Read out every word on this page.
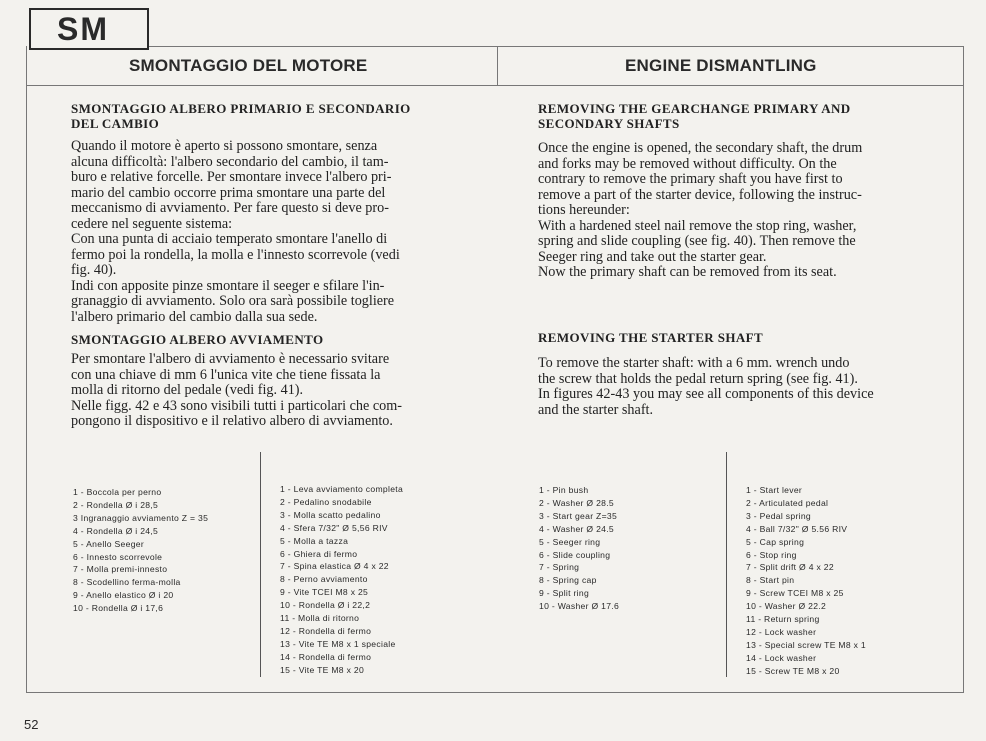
SM
SMONTAGGIO DEL MOTORE	ENGINE DISMANTLING
SMONTAGGIO ALBERO PRIMARIO E SECONDARIO
DEL CAMBIO
Quando il motore è aperto si possono smontare, senza
alcuna difficoltà: l'albero secondario del cambio, il tam-
buro e relative forcelle. Per smontare invece l'albero pri-
mario del cambio occorre prima smontare una parte del
meccanismo di avviamento. Per fare questo si deve pro-
cedere nel seguente sistema:
Con una punta di acciaio temperato smontare l'anello di
fermo poi la rondella, la molla e l'innesto scorrevole (vedi
fig. 40).
Indi con apposite pinze smontare il seeger e sfilare l'in-
granaggio di avviamento. Solo ora sarà possibile togliere
l'albero primario del cambio dalla sua sede.
SMONTAGGIO ALBERO AVVIAMENTO
Per smontare l'albero di avviamento è necessario svitare
con una chiave di mm 6 l'unica vite che tiene fissata la
molla di ritorno del pedale (vedi fig. 41).
Nelle figg. 42 e 43 sono visibili tutti i particolari che com-
pongono il dispositivo e il relativo albero di avviamento.
1 - Boccola per perno
2 - Rondella Ø i 28,5
3 Ingranaggio avviamento Z = 35
4 - Rondella Ø i 24,5
5 - Anello Seeger
6 - Innesto scorrevole
7 - Molla premi-innesto
8 - Scodellino ferma-molla
9 - Anello elastico Ø i 20
10 - Rondella Ø i 17,6
1 - Leva avviamento completa
2 - Pedalino snodabile
3 - Molla scatto pedalino
4 - Sfera 7/32" Ø 5,56 RIV
5 - Molla a tazza
6 - Ghiera di fermo
7 - Spina elastica Ø 4 x 22
8 - Perno avviamento
9 - Vite TCEI M8 x 25
10 - Rondella Ø i 22,2
11 - Molla di ritorno
12 - Rondella di fermo
13 - Vite TE M8 x 1 speciale
14 - Rondella di fermo
15 - Vite TE M8 x 20
REMOVING THE GEARCHANGE PRIMARY AND
SECONDARY SHAFTS
Once the engine is opened, the secondary shaft, the drum
and forks may be removed without difficulty. On the
contrary to remove the primary shaft you have first to
remove a part of the starter device, following the instruc-
tions hereunder:
With a hardened steel nail remove the stop ring, washer,
spring and slide coupling (see fig. 40). Then remove the
Seeger ring and take out the starter gear.
Now the primary shaft can be removed from its seat.
REMOVING THE STARTER SHAFT
To remove the starter shaft: with a 6 mm. wrench undo
the screw that holds the pedal return spring (see fig. 41).
In figures 42-43 you may see all components of this device
and the starter shaft.
1 - Pin bush
2 - Washer Ø 28.5
3 - Start gear Z=35
4 - Washer Ø 24.5
5 - Seeger ring
6 - Slide coupling
7 - Spring
8 - Spring cap
9 - Split ring
10 - Washer Ø 17.6
1 - Start lever
2 - Articulated pedal
3 - Pedal spring
4 - Ball 7/32" Ø 5.56 RIV
5 - Cap spring
6 - Stop ring
7 - Split drift Ø 4 x 22
8 - Start pin
9 - Screw TCEI M8 x 25
10 - Washer Ø 22.2
11 - Return spring
12 - Lock washer
13 - Special screw TE M8 x 1
14 - Lock washer
15 - Screw TE M8 x 20
52
